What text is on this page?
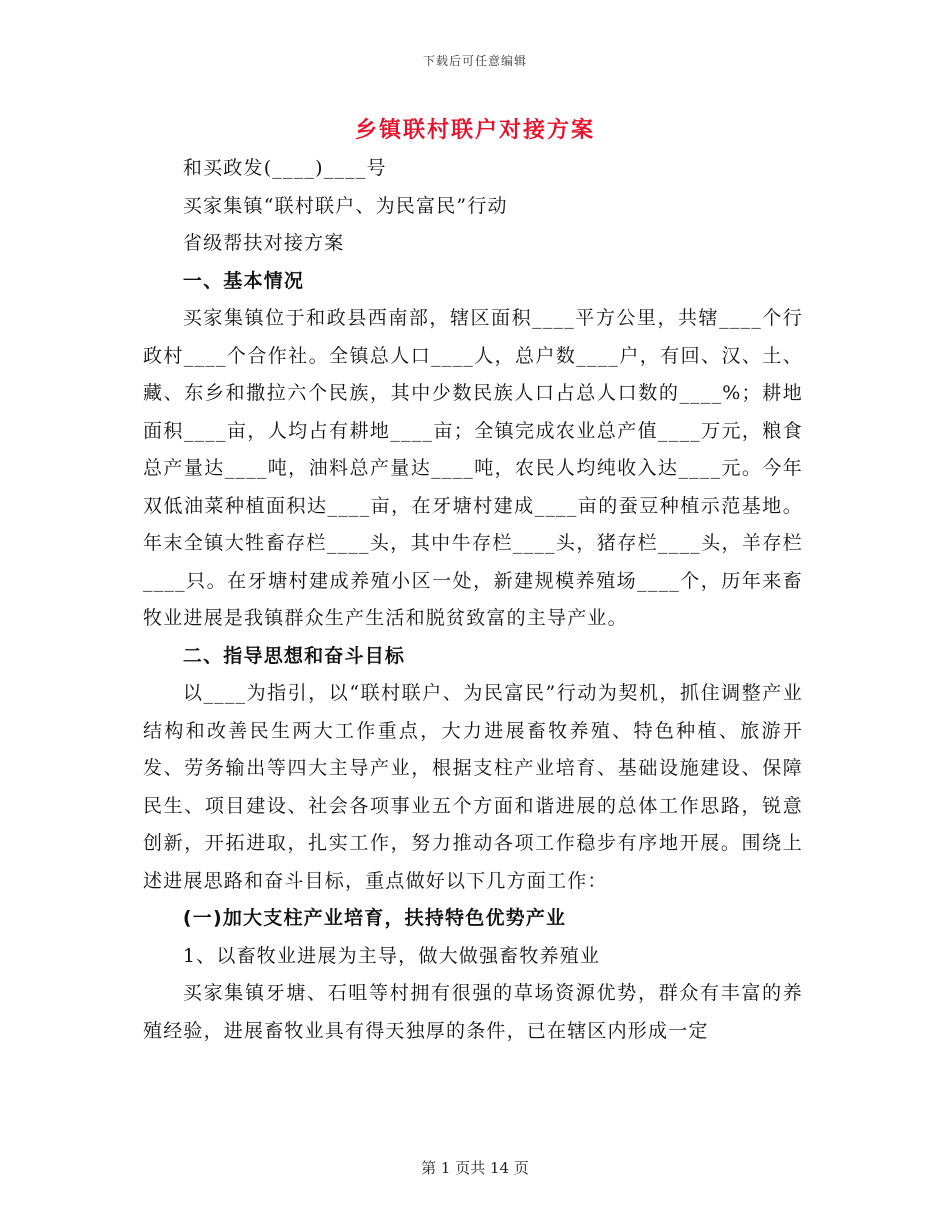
下载后可任意编辑
乡镇联村联户对接方案

和买政发(____)____号

买家集镇“联村联户、为民富民”行动

省级帮扶对接方案

一、基本情况

买家集镇位于和政县西南部，辖区面积____平方公里，共辖____个行政村____个合作社。全镇总人口____人，总户数____户，有回、汉、土、藏、东乡和撒拉六个民族，其中少数民族人口占总人口数的____%；耕地面积____亩，人均占有耕地____亩；全镇完成农业总产值____万元，粮食总产量达____吨，油料总产量达____吨，农民人均纯收入达____元。今年双低油菜种植面积达____亩，在牙塘村建成____亩的蚕豆种植示范基地。年末全镇大牲畜存栏____头，其中牛存栏____头，猪存栏____头，羊存栏____只。在牙塘村建成养殖小区一处，新建规模养殖场____个，历年来畜牧业进展是我镇群众生产生活和脱贫致富的主导产业。

二、指导思想和奋斗目标

以____为指引，以“联村联户、为民富民”行动为契机，抓住调整产业结构和改善民生两大工作重点，大力进展畜牧养殖、特色种植、旅游开发、劳务输出等四大主导产业，根据支柱产业培育、基础设施建设、保障民生、项目建设、社会各项事业五个方面和谐进展的总体工作思路，锐意创新，开拓进取，扎实工作，努力推动各项工作稳步有序地开展。围绕上述进展思路和奋斗目标，重点做好以下几方面工作：

(一)加大支柱产业培育，扶持特色优势产业

1、以畜牧业进展为主导，做大做强畜牧养殖业

买家集镇牙塘、石咀等村拥有很强的草场资源优势，群众有丰富的养殖经验，进展畜牧业具有得天独厚的条件，已在辖区内形成一定

第 1 页共 14 页
